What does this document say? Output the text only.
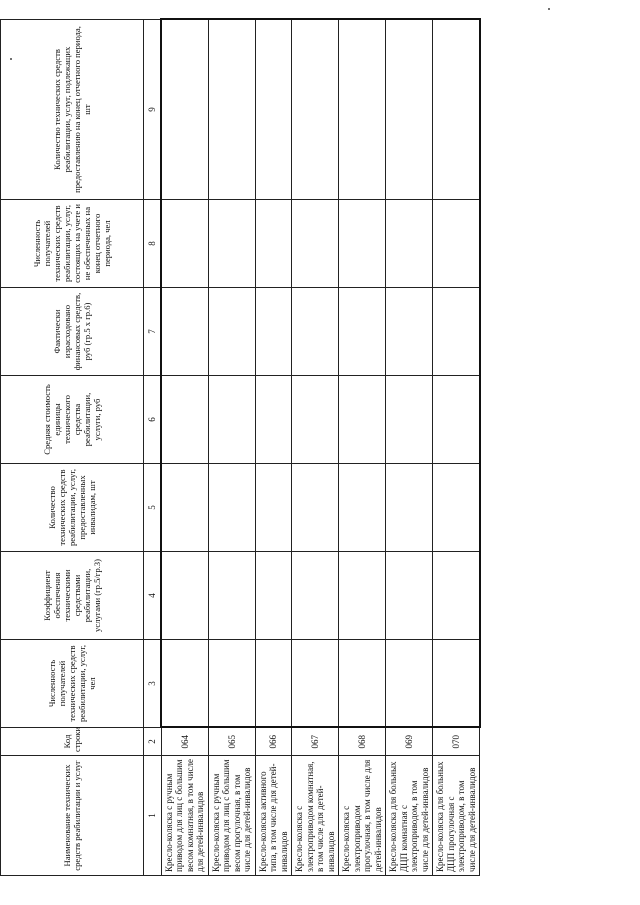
Наименование технических средств реабилитации и услуг	Код строки	Численность получателей технических средств реабилитации, услуг, чел	Коэффициент обеспечения техническими средствами реабилитации, услугами (гр.5/гр.3)	Количество технических средств реабилитации, услуг, предоставленных инвалидам, шт	Средняя стоимость единицы технического средства реабилитации, услуги, руб	Фактически израсходовано финансовых средств, руб (гр.5 х гр.6)	Численность получателей технических средств реабилитации, услуг, состоящих на учете и не обеспеченных на конец отчетного периода, чел	Количество технических средств реабилитации, услуг, подлежащих предоставлению на конец отчетного периода, шт
1	2	3	4	5	6	7	8	9
Кресло-коляска с ручным приводом для лиц с большим весом комнатная, в том числе для детей-инвалидов	064							
Кресло-коляска с ручным приводом для лиц с большим весом прогулочная, в том числе для детей-инвалидов	065							
Кресло-коляска активного типа, в том числе для детей-инвалидов	066							
Кресло-коляска с электроприводом комнатная, в том числе для детей-инвалидов	067							
Кресло-коляска с электроприводом прогулочная, в том числе для детей-инвалидов	068							
Кресло-коляска для больных ДЦП комнатная с электроприводом, в том числе для детей-инвалидов	069							
Кресло-коляска для больных ДЦП прогулочная с электроприводом, в том числе для детей-инвалидов	070							
